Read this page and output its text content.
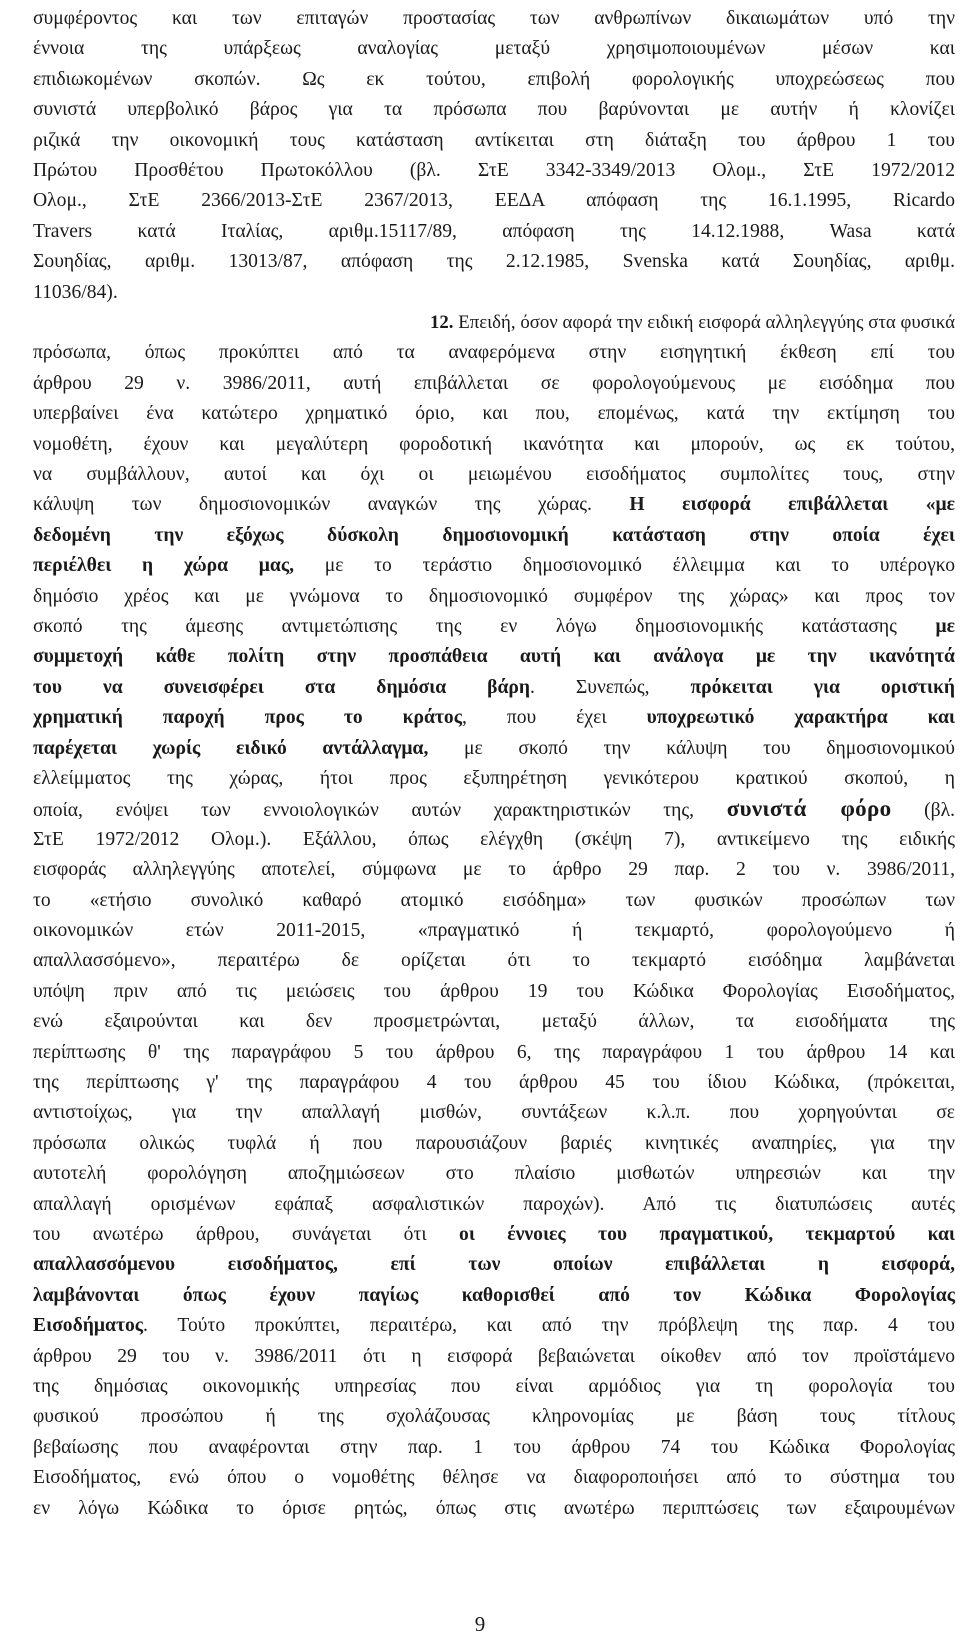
συμφέροντος και των επιταγών προστασίας των ανθρωπίνων δικαιωμάτων υπό την
έννοια της υπάρξεως αναλογίας μεταξύ χρησιμοποιουμένων μέσων και
επιδιωκομένων σκοπών. Ως εκ τούτου, επιβολή φορολογικής υποχρεώσεως που
συνιστά υπερβολικό βάρος για τα πρόσωπα που βαρύνονται με αυτήν ή κλονίζει
ριζικά την οικονομική τους κατάσταση αντίκειται στη διάταξη του άρθρου 1 του
Πρώτου Προσθέτου Πρωτοκόλλου (βλ. ΣτΕ 3342-3349/2013 Ολομ., ΣτΕ 1972/2012
Ολομ., ΣτΕ 2366/2013-ΣτΕ 2367/2013, ΕΕΔΑ απόφαση της 16.1.1995, Ricardo
Travers κατά Ιταλίας, αριθμ.15117/89, απόφαση της 14.12.1988, Wasa κατά
Σουηδίας, αριθμ. 13013/87, απόφαση της 2.12.1985, Svenska κατά Σουηδίας, αριθμ.
11036/84).
12. Επειδή, όσον αφορά την ειδική εισφορά αλληλεγγύης στα φυσικά
πρόσωπα, όπως προκύπτει από τα αναφερόμενα στην εισηγητική έκθεση επί του
άρθρου 29 ν. 3986/2011, αυτή επιβάλλεται σε φορολογούμενους με εισόδημα που
υπερβαίνει ένα κατώτερο χρηματικό όριο, και που, επομένως, κατά την εκτίμηση του
νομοθέτη, έχουν και μεγαλύτερη φοροδοτική ικανότητα και μπορούν, ως εκ τούτου,
να συμβάλλουν, αυτοί και όχι οι μειωμένου εισοδήματος συμπολίτες τους, στην
κάλυψη των δημοσιονομικών αναγκών της χώρας. Η εισφορά επιβάλλεται «με
δεδομένη την εξόχως δύσκολη δημοσιονομική κατάσταση στην οποία έχει
περιέλθει η χώρα μας, με το τεράστιο δημοσιονομικό έλλειμμα και το υπέρογκο
δημόσιο χρέος και με γνώμονα το δημοσιονομικό συμφέρον της χώρας» και προς τον
σκοπό της άμεσης αντιμετώπισης της εν λόγω δημοσιονομικής κατάστασης με
συμμετοχή κάθε πολίτη στην προσπάθεια αυτή και ανάλογα με την ικανότητά
του να συνεισφέρει στα δημόσια βάρη. Συνεπώς, πρόκειται για οριστική
χρηματική παροχή προς το κράτος, που έχει υποχρεωτικό χαρακτήρα και
παρέχεται χωρίς ειδικό αντάλλαγμα, με σκοπό την κάλυψη του δημοσιονομικού
ελλείμματος της χώρας, ήτοι προς εξυπηρέτηση γενικότερου κρατικού σκοπού, η
οποία, ενόψει των εννοιολογικών αυτών χαρακτηριστικών της, συνιστά φόρο (βλ.
ΣτΕ 1972/2012 Ολομ.). Εξάλλου, όπως ελέγχθη (σκέψη 7), αντικείμενο της ειδικής
εισφοράς αλληλεγγύης αποτελεί, σύμφωνα με το άρθρο 29 παρ. 2 του ν. 3986/2011,
το «ετήσιο συνολικό καθαρό ατομικό εισόδημα» των φυσικών προσώπων των
οικονομικών ετών 2011-2015, «πραγματικό ή τεκμαρτό, φορολογούμενο ή
απαλλασσόμενο», περαιτέρω δε ορίζεται ότι το τεκμαρτό εισόδημα λαμβάνεται
υπόψη πριν από τις μειώσεις του άρθρου 19 του Κώδικα Φορολογίας Εισοδήματος,
ενώ εξαιρούνται και δεν προσμετρώνται, μεταξύ άλλων, τα εισοδήματα της
περίπτωσης θ' της παραγράφου 5 του άρθρου 6, της παραγράφου 1 του άρθρου 14 και
της περίπτωσης γ' της παραγράφου 4 του άρθρου 45 του ίδιου Κώδικα, (πρόκειται,
αντιστοίχως, για την απαλλαγή μισθών, συντάξεων κ.λ.π. που χορηγούνται σε
πρόσωπα ολικώς τυφλά ή που παρουσιάζουν βαριές κινητικές αναπηρίες, για την
αυτοτελή φορολόγηση αποζημιώσεων στο πλαίσιο μισθωτών υπηρεσιών και την
απαλλαγή ορισμένων εφάπαξ ασφαλιστικών παροχών). Από τις διατυπώσεις αυτές
του ανωτέρω άρθρου, συνάγεται ότι οι έννοιες του πραγματικού, τεκμαρτού και
απαλλασσόμενου εισοδήματος, επί των οποίων επιβάλλεται η εισφορά,
λαμβάνονται όπως έχουν παγίως καθορισθεί από τον Κώδικα Φορολογίας
Εισοδήματος. Τούτο προκύπτει, περαιτέρω, και από την πρόβλεψη της παρ. 4 του
άρθρου 29 του ν. 3986/2011 ότι η εισφορά βεβαιώνεται οίκοθεν από τον προϊστάμενο
της δημόσιας οικονομικής υπηρεσίας που είναι αρμόδιος για τη φορολογία του
φυσικού προσώπου ή της σχολάζουσας κληρονομίας με βάση τους τίτλους
βεβαίωσης που αναφέρονται στην παρ. 1 του άρθρου 74 του Κώδικα Φορολογίας
Εισοδήματος, ενώ όπου ο νομοθέτης θέλησε να διαφοροποιήσει από το σύστημα του
εν λόγω Κώδικα το όρισε ρητώς, όπως στις ανωτέρω περιπτώσεις των εξαιρουμένων
9
